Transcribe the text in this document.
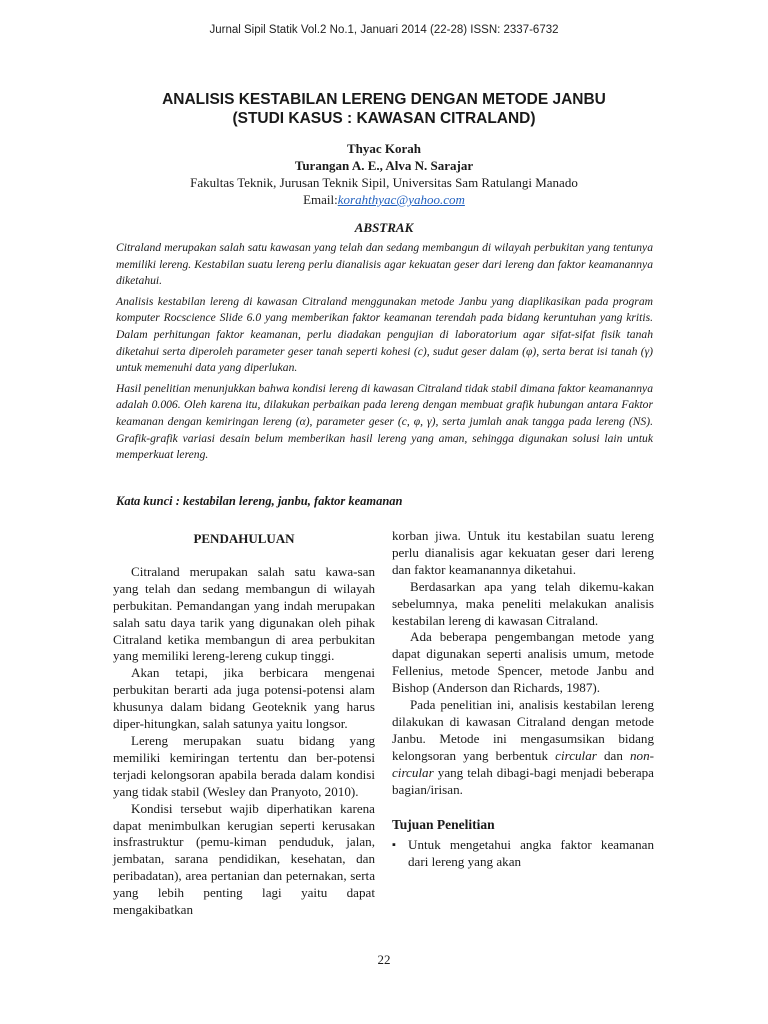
Jurnal Sipil Statik Vol.2 No.1, Januari 2014 (22-28) ISSN: 2337-6732
ANALISIS KESTABILAN LERENG DENGAN METODE JANBU
(STUDI KASUS : KAWASAN CITRALAND)
Thyac Korah
Turangan A. E., Alva N. Sarajar
Fakultas Teknik, Jurusan Teknik Sipil, Universitas Sam Ratulangi Manado
Email:korahthyac@yahoo.com
ABSTRAK

Citraland merupakan salah satu kawasan yang telah dan sedang membangun di wilayah perbukitan yang tentunya memiliki lereng. Kestabilan suatu lereng perlu dianalisis agar kekuatan geser dari lereng dan faktor keamanannya diketahui.

Analisis kestabilan lereng di kawasan Citraland menggunakan metode Janbu yang diaplikasikan pada program komputer Rocscience Slide 6.0 yang memberikan faktor keamanan terendah pada bidang keruntuhan yang kritis. Dalam perhitungan faktor keamanan, perlu diadakan pengujian di laboratorium agar sifat-sifat fisik tanah diketahui serta diperoleh parameter geser tanah seperti kohesi (c), sudut geser dalam (φ), serta berat isi tanah (γ) untuk memenuhi data yang diperlukan.

Hasil penelitian menunjukkan bahwa kondisi lereng di kawasan Citraland tidak stabil dimana faktor keamanannya adalah 0.006. Oleh karena itu, dilakukan perbaikan pada lereng dengan membuat grafik hubungan antara Faktor keamanan dengan kemiringan lereng (α), parameter geser (c, φ, γ), serta jumlah anak tangga pada lereng (NS). Grafik-grafik variasi desain belum memberikan hasil lereng yang aman, sehingga digunakan solusi lain untuk memperkuat lereng.

Kata kunci : kestabilan lereng, janbu, faktor keamanan
PENDAHULUAN

Citraland merupakan salah satu kawa-san yang telah dan sedang membangun di wilayah perbukitan. Pemandangan yang indah merupakan salah satu daya tarik yang digunakan oleh pihak Citraland ketika membangun di area perbukitan yang memiliki lereng-lereng cukup tinggi.

Akan tetapi, jika berbicara mengenai perbukitan berarti ada juga potensi-potensi alam khusunya dalam bidang Geoteknik yang harus diper-hitungkan, salah satunya yaitu longsor.

Lereng merupakan suatu bidang yang memiliki kemiringan tertentu dan ber-potensi terjadi kelongsoran apabila berada dalam kondisi yang tidak stabil (Wesley dan Pranyoto, 2010).

Kondisi tersebut wajib diperhatikan karena dapat menimbulkan kerugian seperti kerusakan insfrastruktur (pemu-kiman penduduk, jalan, jembatan, sarana pendidikan, kesehatan, dan peribadatan), area pertanian dan peternakan, serta yang lebih penting lagi yaitu dapat mengakibatkan

korban jiwa. Untuk itu kestabilan suatu lereng perlu dianalisis agar kekuatan geser dari lereng dan faktor keamanannya diketahui.

Berdasarkan apa yang telah dikemu-kakan sebelumnya, maka peneliti melakukan analisis kestabilan lereng di kawasan Citraland.

Ada beberapa pengembangan metode yang dapat digunakan seperti analisis umum, metode Fellenius, metode Spencer, metode Janbu and Bishop (Anderson dan Richards, 1987).

Pada penelitian ini, analisis kestabilan lereng dilakukan di kawasan Citraland dengan metode Janbu. Metode ini mengasumsikan bidang kelongsoran yang berbentuk circular dan non-circular yang telah dibagi-bagi menjadi beberapa bagian/irisan.

Tujuan Penelitian
▪ Untuk mengetahui angka faktor keamanan dari lereng yang akan
22
